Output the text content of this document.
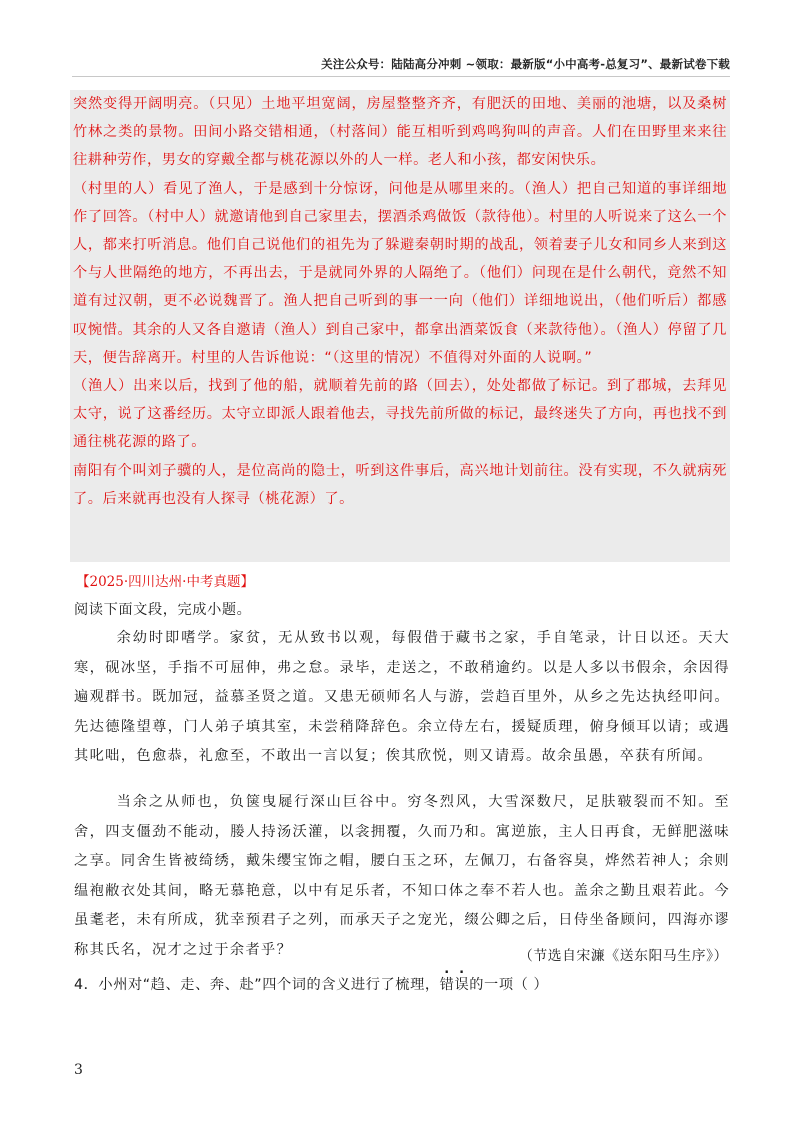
关注公众号：陆陆高分冲刺 ~领取：最新版“小中高考-总复习”、最新试卷下载

突然变得开阔明亮。（只见）土地平坦宽阔，房屋整整齐齐，有肥沃的田地、美丽的池塘，以及桑树竹林之类的景物。田间小路交错相通，（村落间）能互相听到鸡鸣狗叫的声音。人们在田野里来来往往耕种劳作，男女的穿戴全都与桃花源以外的人一样。老人和小孩，都安闲快乐。

（村里的人）看见了渔人，于是感到十分惊讶，问他是从哪里来的。（渔人）把自己知道的事详细地作了回答。（村中人）就邀请他到自己家里去，摆酒杀鸡做饭（款待他）。村里的人听说来了这么一个人，都来打听消息。他们自己说他们的祖先为了躲避秦朝时期的战乱，领着妻子儿女和同乡人来到这个与人世隔绝的地方，不再出去，于是就同外界的人隔绝了。（他们）问现在是什么朝代，竟然不知道有过汉朝，更不必说魏晋了。渔人把自己听到的事一一向（他们）详细地说出，（他们听后）都感叹惋惜。其余的人又各自邀请（渔人）到自己家中，都拿出酒菜饭食（来款待他）。（渔人）停留了几天，便告辞离开。村里的人告诉他说：“（这里的情况）不值得对外面的人说啊。”

（渔人）出来以后，找到了他的船，就顺着先前的路（回去），处处都做了标记。到了郡城，去拜见太守，说了这番经历。太守立即派人跟着他去，寻找先前所做的标记，最终迷失了方向，再也找不到通往桃花源的路了。

南阳有个叫刘子骥的人，是位高尚的隐士，听到这件事后，高兴地计划前往。没有实现，不久就病死了。后来就再也没有人探寻（桃花源）了。

【2025·四川达州·中考真题】
阅读下面文段，完成小题。
余幼时即嗜学。家贫，无从致书以观，每假借于藏书之家，手自笔录，计日以还。天大寒，砚冰坚，手指不可屈伸，弗之怠。录毕，走送之，不敢稍逾约。以是人多以书假余，余因得遍观群书。既加冠，益慕圣贤之道。又患无硕师名人与游，尝趋百里外，从乡之先达执经叩问。先达德隆望尊，门人弟子填其室，未尝稍降辞色。余立侍左右，援疑质理，俯身倾耳以请；或遇其叱咄，色愈恭，礼愈至，不敢出一言以复；俟其欣悦，则又请焉。故余虽愚，卒获有所闻。
当余之从师也，负箧曳屣行深山巨谷中。穷冬烈风，大雪深数尺，足肤皲裂而不知。至舍，四支僵劲不能动，媵人持汤沃灌，以衾拥覆，久而乃和。寓逆旅，主人日再食，无鲜肥滋味之享。同舍生皆被绮绣，戴朱缨宝饰之帽，腰白玉之环，左佩刀，右备容臭，烨然若神人；余则缊袍敝衣处其间，略无慕艳意，以中有足乐者，不知口体之奉不若人也。盖余之勤且艰若此。今虽耄老，未有所成，犹幸预君子之列，而承天子之宠光，缀公卿之后，日侍坐备顾问，四海亦谬称其氏名，况才之过于余者乎？	（节选自宋濂《送东阳马生序》）
4．小州对“趋、走、奔、赴”四个词的含义进行了梳理，错误的一项（ ）
3
